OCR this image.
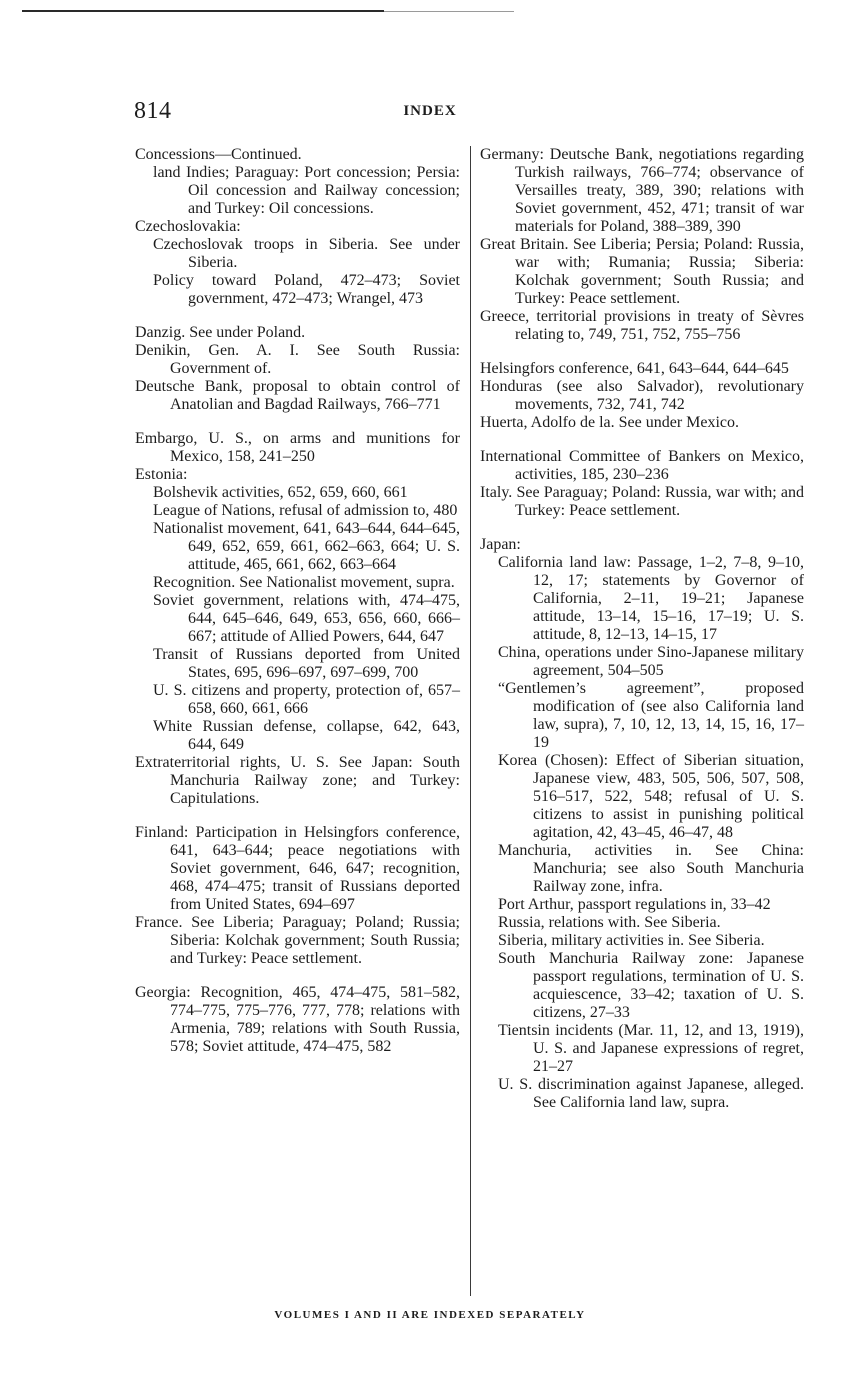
814	INDEX
Concessions—Continued.
land Indies; Paraguay: Port concession; Persia: Oil concession and Railway concession; and Turkey: Oil concessions.
Czechoslovakia:
Czechoslovak troops in Siberia. See under Siberia.
Policy toward Poland, 472–473; Soviet government, 472–473; Wrangel, 473
Danzig. See under Poland.
Denikin, Gen. A. I. See South Russia: Government of.
Deutsche Bank, proposal to obtain control of Anatolian and Bagdad Railways, 766–771
Embargo, U. S., on arms and munitions for Mexico, 158, 241–250
Estonia:
Bolshevik activities, 652, 659, 660, 661
League of Nations, refusal of admission to, 480
Nationalist movement, 641, 643–644, 644–645, 649, 652, 659, 661, 662–663, 664; U. S. attitude, 465, 661, 662, 663–664
Recognition. See Nationalist movement, supra.
Soviet government, relations with, 474–475, 644, 645–646, 649, 653, 656, 660, 666–667; attitude of Allied Powers, 644, 647
Transit of Russians deported from United States, 695, 696–697, 697–699, 700
U. S. citizens and property, protection of, 657–658, 660, 661, 666
White Russian defense, collapse, 642, 643, 644, 649
Extraterritorial rights, U. S. See Japan: South Manchuria Railway zone; and Turkey: Capitulations.
Finland: Participation in Helsingfors conference, 641, 643–644; peace negotiations with Soviet government, 646, 647; recognition, 468, 474–475; transit of Russians deported from United States, 694–697
France. See Liberia; Paraguay; Poland; Russia; Siberia: Kolchak government; South Russia; and Turkey: Peace settlement.
Georgia: Recognition, 465, 474–475, 581–582, 774–775, 775–776, 777, 778; relations with Armenia, 789; relations with South Russia, 578; Soviet attitude, 474–475, 582
Germany: Deutsche Bank, negotiations regarding Turkish railways, 766–774; observance of Versailles treaty, 389, 390; relations with Soviet government, 452, 471; transit of war materials for Poland, 388–389, 390
Great Britain. See Liberia; Persia; Poland: Russia, war with; Rumania; Russia; Siberia: Kolchak government; South Russia; and Turkey: Peace settlement.
Greece, territorial provisions in treaty of Sèvres relating to, 749, 751, 752, 755–756
Helsingfors conference, 641, 643–644, 644–645
Honduras (see also Salvador), revolutionary movements, 732, 741, 742
Huerta, Adolfo de la. See under Mexico.
International Committee of Bankers on Mexico, activities, 185, 230–236
Italy. See Paraguay; Poland: Russia, war with; and Turkey: Peace settlement.
Japan:
California land law: Passage, 1–2, 7–8, 9–10, 12, 17; statements by Governor of California, 2–11, 19–21; Japanese attitude, 13–14, 15–16, 17–19; U. S. attitude, 8, 12–13, 14–15, 17
China, operations under Sino-Japanese military agreement, 504–505
“Gentlemen’s agreement”, proposed modification of (see also California land law, supra), 7, 10, 12, 13, 14, 15, 16, 17–19
Korea (Chosen): Effect of Siberian situation, Japanese view, 483, 505, 506, 507, 508, 516–517, 522, 548; refusal of U. S. citizens to assist in punishing political agitation, 42, 43–45, 46–47, 48
Manchuria, activities in. See China: Manchuria; see also South Manchuria Railway zone, infra.
Port Arthur, passport regulations in, 33–42
Russia, relations with. See Siberia.
Siberia, military activities in. See Siberia.
South Manchuria Railway zone: Japanese passport regulations, termination of U. S. acquiescence, 33–42; taxation of U. S. citizens, 27–33
Tientsin incidents (Mar. 11, 12, and 13, 1919), U. S. and Japanese expressions of regret, 21–27
U. S. discrimination against Japanese, alleged. See California land law, supra.
VOLUMES I AND II ARE INDEXED SEPARATELY
